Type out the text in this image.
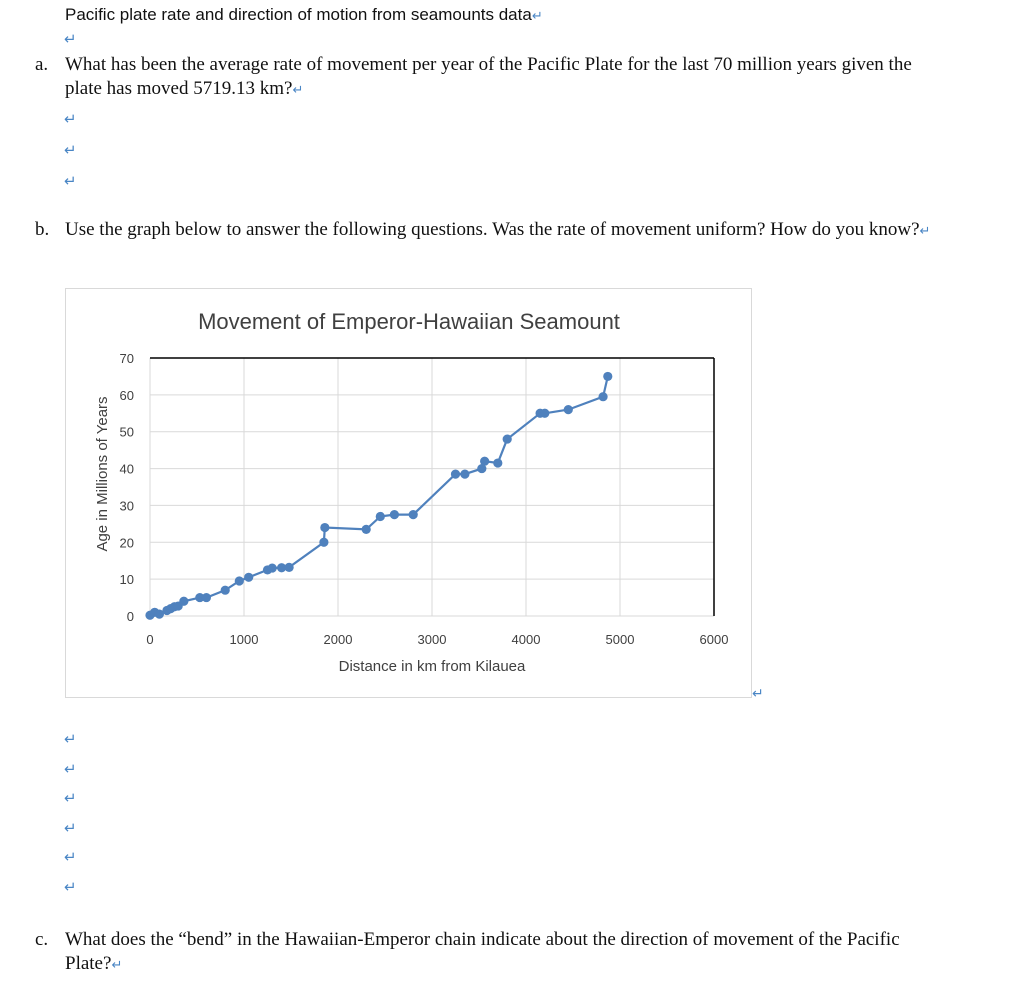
Pacific plate rate and direction of motion from seamounts data↵
↵
a. What has been the average rate of movement per year of the Pacific Plate for the last 70 million years given the plate has moved 5719.13 km?↵
↵
↵
↵
b. Use the graph below to answer the following questions. Was the rate of movement uniform? How do you know?↵
Movement of Emperor-Hawaiian Seamount
0
10
20
30
40
50
60
70
0	1000	2000	3000	4000	5000	6000
Age in Millions of Years
Distance in km from Kilauea
↵
↵
↵
↵
↵
↵
↵
c. What does the “bend” in the Hawaiian-Emperor chain indicate about the direction of movement of the Pacific Plate?↵
